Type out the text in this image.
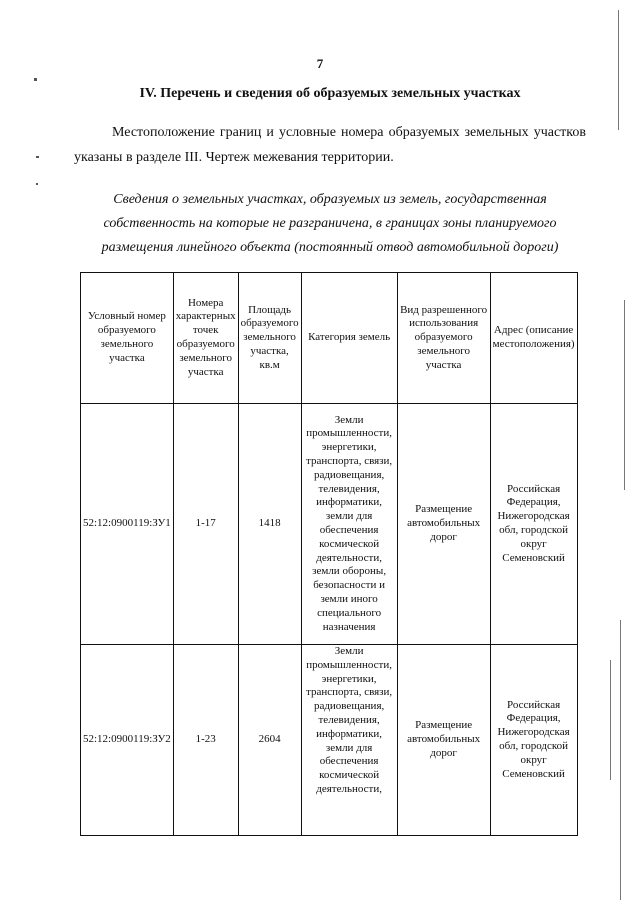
7
IV. Перечень и сведения об образуемых земельных участках

Местоположение границ и условные номера образуемых земельных участков указаны в разделе III. Чертеж межевания территории.

Сведения о земельных участках, образуемых из земель, государственная собственность на которые не разграничена, в границах зоны планируемого размещения линейного объекта (постоянный отвод автомобильной дороги)

Условный номер образуемого земельного участка	Номера характерных точек образуемого земельного участка	Площадь образуемого земельного участка, кв.м	Категория земель	Вид разрешенного использования образуемого земельного участка	Адрес (описание местоположения)
52:12:0900119:ЗУ1	1-17	1418	Земли промышленности, энергетики, транспорта, связи, радиовещания, телевидения, информатики, земли для обеспечения космической деятельности, земли обороны, безопасности и земли иного специального назначения	Размещение автомобильных дорог	Российская Федерация, Нижегородская обл, городской округ Семеновский
52:12:0900119:ЗУ2	1-23	2604	Земли промышленности, энергетики, транспорта, связи, радиовещания, телевидения, информатики, земли для обеспечения космической деятельности,	Размещение автомобильных дорог	Российская Федерация, Нижегородская обл, городской округ Семеновский
